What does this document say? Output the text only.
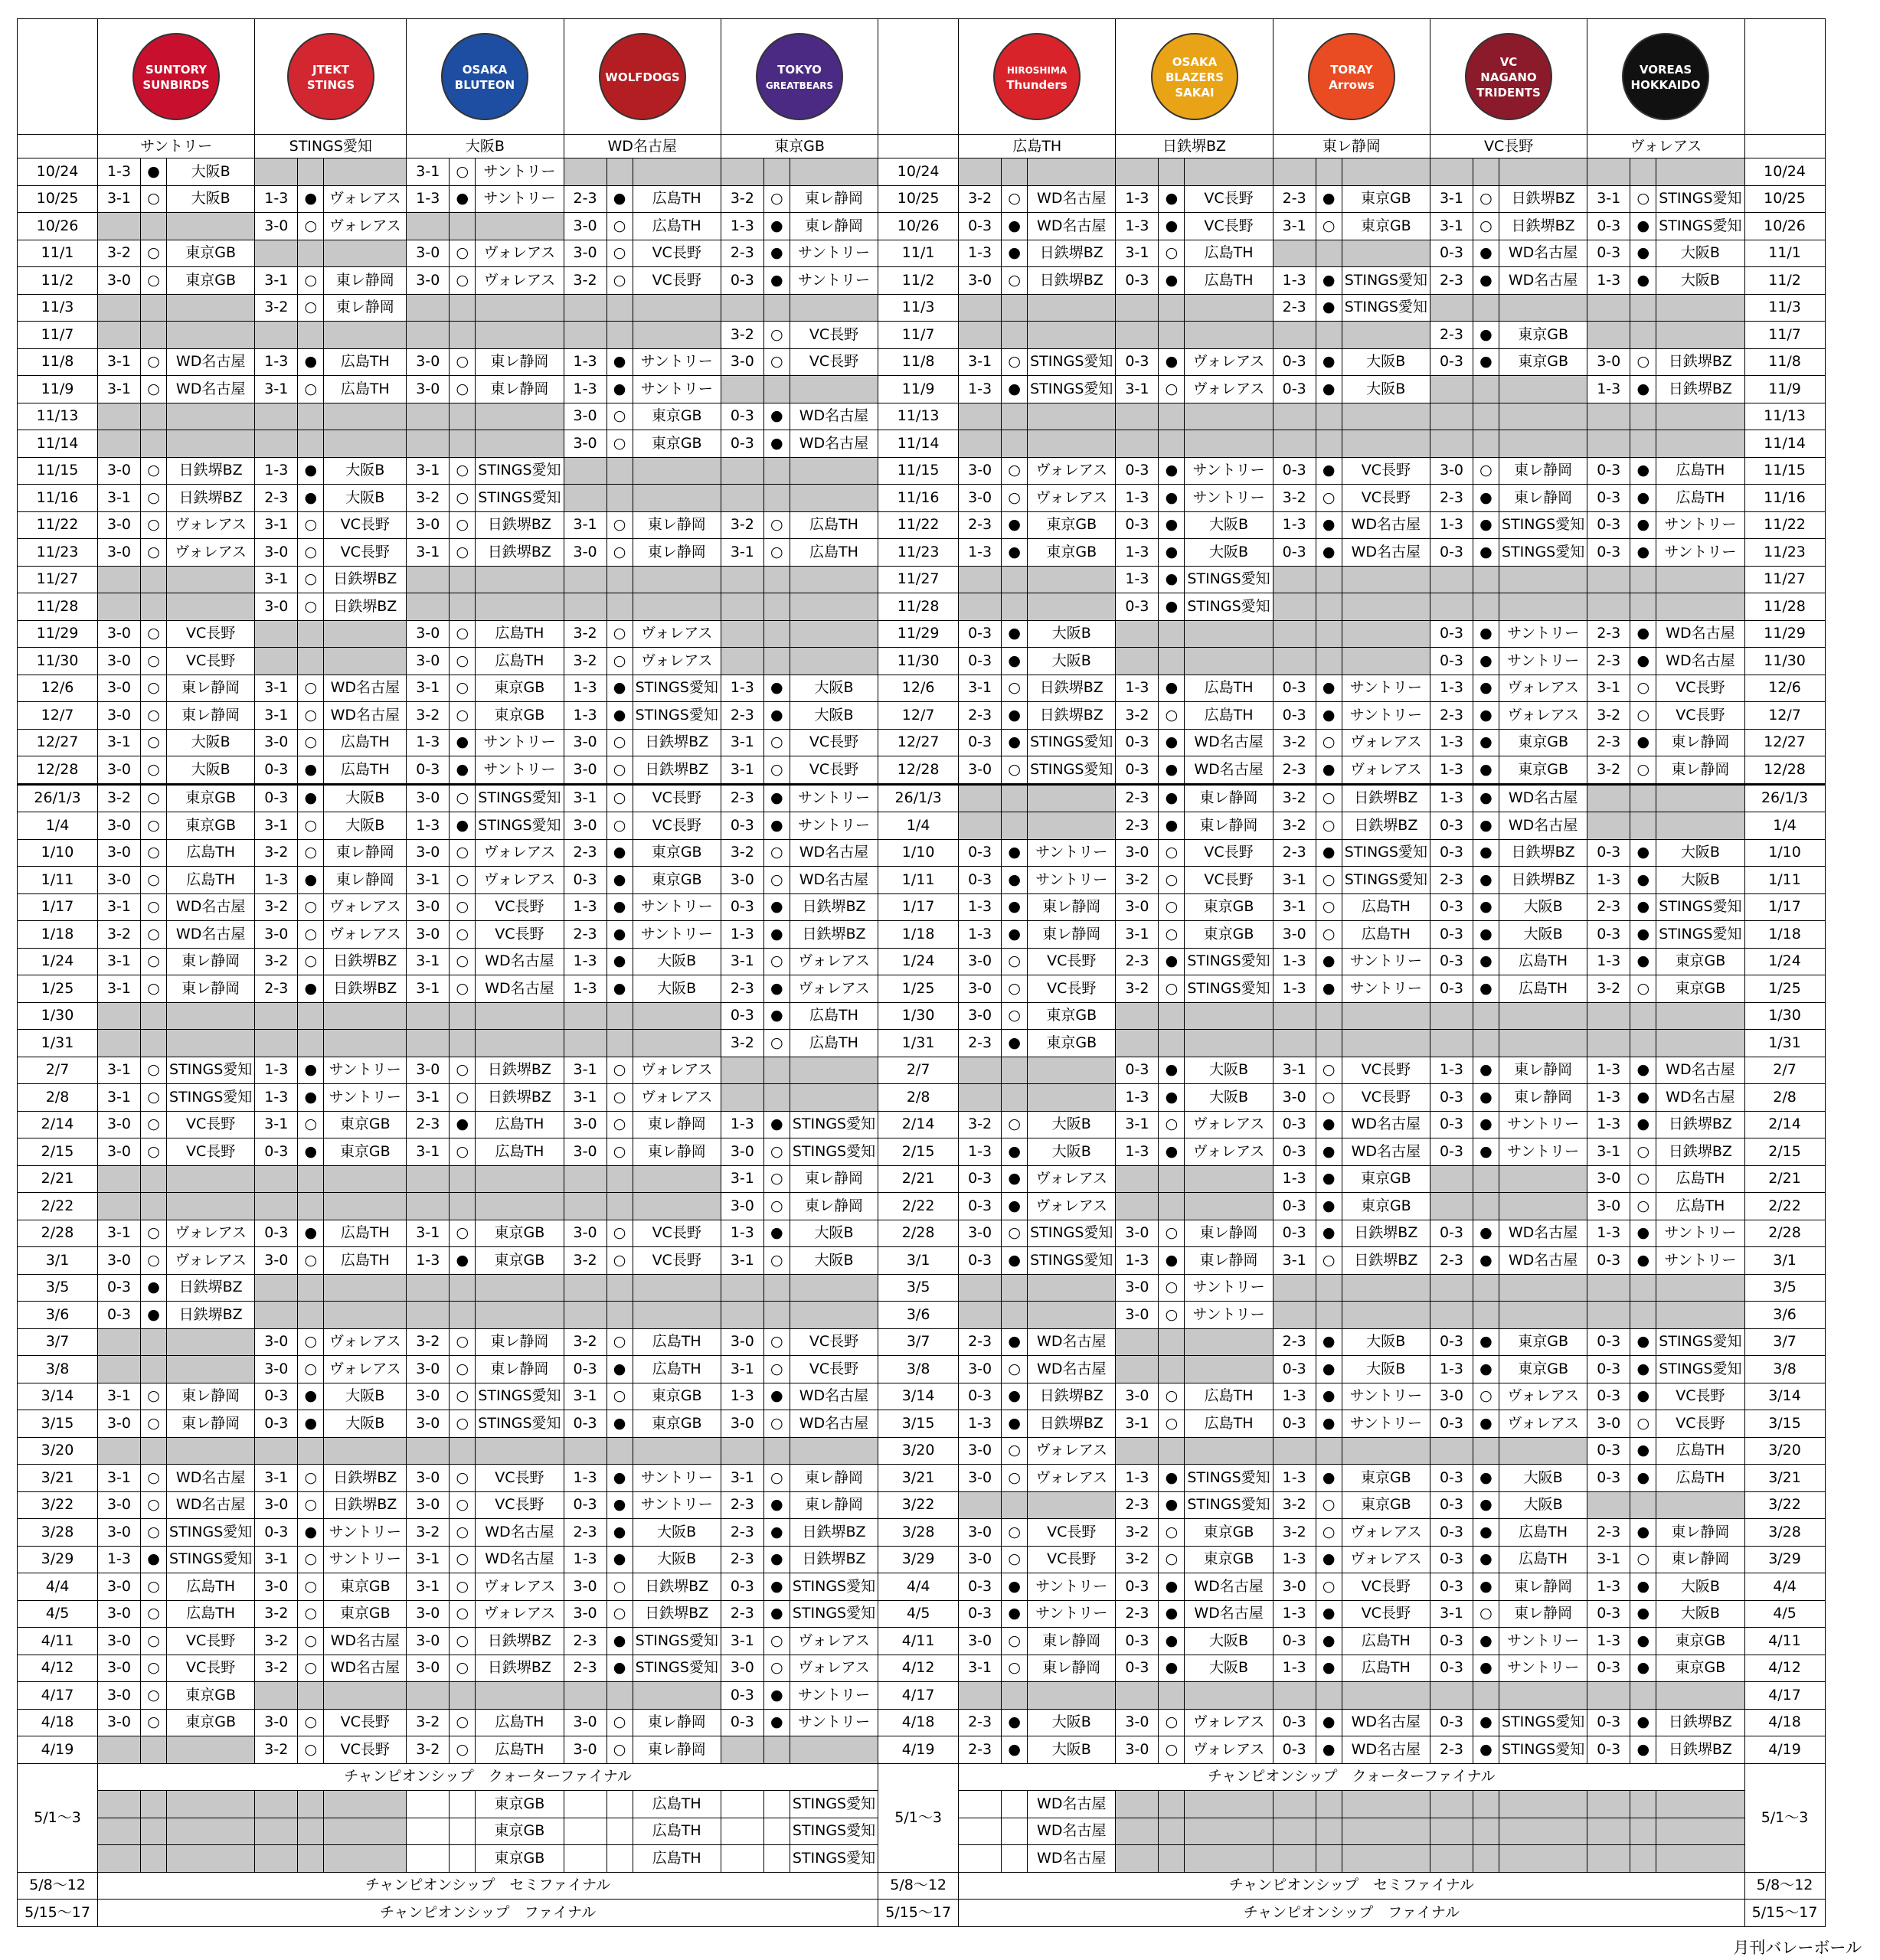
SUNTORY
SUNBIRDS			JTEKT
STINGS			OSAKA
BLUTEON			WOLFDOGS			TOKYO
GREATBEARS				HIROSHIMA
Thunders			OSAKA
BLAZERS
SAKAI			TORAY
Arrows			VC
NAGANO
TRIDENTS			VOREAS
HOKKAIDO			

	サントリー			STINGS愛知			大阪B			WD名古屋			東京GB				広島TH			日鉄堺BZ			東レ静岡			VC長野			ヴォレアス			
10/24	1-3	●	大阪B				3-1	○	サントリー							10/24																10/24
10/25	3-1	○	大阪B	1-3	●	ヴォレアス	1-3	●	サントリー	2-3	●	広島TH	3-2	○	東レ静岡	10/25	3-2	○	WD名古屋	1-3	●	VC長野	2-3	●	東京GB	3-1	○	日鉄堺BZ	3-1	○	STINGS愛知	10/25
10/26				3-0	○	ヴォレアス				3-0	○	広島TH	1-3	●	東レ静岡	10/26	0-3	●	WD名古屋	1-3	●	VC長野	3-1	○	東京GB	3-1	○	日鉄堺BZ	0-3	●	STINGS愛知	10/26
11/1	3-2	○	東京GB				3-0	○	ヴォレアス	3-0	○	VC長野	2-3	●	サントリー	11/1	1-3	●	日鉄堺BZ	3-1	○	広島TH				0-3	●	WD名古屋	0-3	●	大阪B	11/1
11/2	3-0	○	東京GB	3-1	○	東レ静岡	3-0	○	ヴォレアス	3-2	○	VC長野	0-3	●	サントリー	11/2	3-0	○	日鉄堺BZ	0-3	●	広島TH	1-3	●	STINGS愛知	2-3	●	WD名古屋	1-3	●	大阪B	11/2
11/3				3-2	○	東レ静岡										11/3							2-3	●	STINGS愛知							11/3
11/7													3-2	○	VC長野	11/7										2-3	●	東京GB				11/7
11/8	3-1	○	WD名古屋	1-3	●	広島TH	3-0	○	東レ静岡	1-3	●	サントリー	3-0	○	VC長野	11/8	3-1	○	STINGS愛知	0-3	●	ヴォレアス	0-3	●	大阪B	0-3	●	東京GB	3-0	○	日鉄堺BZ	11/8
11/9	3-1	○	WD名古屋	3-1	○	広島TH	3-0	○	東レ静岡	1-3	●	サントリー				11/9	1-3	●	STINGS愛知	3-1	○	ヴォレアス	0-3	●	大阪B				1-3	●	日鉄堺BZ	11/9
11/13										3-0	○	東京GB	0-3	●	WD名古屋	11/13																11/13
11/14										3-0	○	東京GB	0-3	●	WD名古屋	11/14																11/14
11/15	3-0	○	日鉄堺BZ	1-3	●	大阪B	3-1	○	STINGS愛知							11/15	3-0	○	ヴォレアス	0-3	●	サントリー	0-3	●	VC長野	3-0	○	東レ静岡	0-3	●	広島TH	11/15
11/16	3-1	○	日鉄堺BZ	2-3	●	大阪B	3-2	○	STINGS愛知							11/16	3-0	○	ヴォレアス	1-3	●	サントリー	3-2	○	VC長野	2-3	●	東レ静岡	0-3	●	広島TH	11/16
11/22	3-0	○	ヴォレアス	3-1	○	VC長野	3-0	○	日鉄堺BZ	3-1	○	東レ静岡	3-2	○	広島TH	11/22	2-3	●	東京GB	0-3	●	大阪B	1-3	●	WD名古屋	1-3	●	STINGS愛知	0-3	●	サントリー	11/22
11/23	3-0	○	ヴォレアス	3-0	○	VC長野	3-1	○	日鉄堺BZ	3-0	○	東レ静岡	3-1	○	広島TH	11/23	1-3	●	東京GB	1-3	●	大阪B	0-3	●	WD名古屋	0-3	●	STINGS愛知	0-3	●	サントリー	11/23
11/27				3-1	○	日鉄堺BZ										11/27				1-3	●	STINGS愛知										11/27
11/28				3-0	○	日鉄堺BZ										11/28				0-3	●	STINGS愛知										11/28
11/29	3-0	○	VC長野				3-0	○	広島TH	3-2	○	ヴォレアス				11/29	0-3	●	大阪B							0-3	●	サントリー	2-3	●	WD名古屋	11/29
11/30	3-0	○	VC長野				3-0	○	広島TH	3-2	○	ヴォレアス				11/30	0-3	●	大阪B							0-3	●	サントリー	2-3	●	WD名古屋	11/30
12/6	3-0	○	東レ静岡	3-1	○	WD名古屋	3-1	○	東京GB	1-3	●	STINGS愛知	1-3	●	大阪B	12/6	3-1	○	日鉄堺BZ	1-3	●	広島TH	0-3	●	サントリー	1-3	●	ヴォレアス	3-1	○	VC長野	12/6
12/7	3-0	○	東レ静岡	3-1	○	WD名古屋	3-2	○	東京GB	1-3	●	STINGS愛知	2-3	●	大阪B	12/7	2-3	●	日鉄堺BZ	3-2	○	広島TH	0-3	●	サントリー	2-3	●	ヴォレアス	3-2	○	VC長野	12/7
12/27	3-1	○	大阪B	3-0	○	広島TH	1-3	●	サントリー	3-0	○	日鉄堺BZ	3-1	○	VC長野	12/27	0-3	●	STINGS愛知	0-3	●	WD名古屋	3-2	○	ヴォレアス	1-3	●	東京GB	2-3	●	東レ静岡	12/27
12/28	3-0	○	大阪B	0-3	●	広島TH	0-3	●	サントリー	3-0	○	日鉄堺BZ	3-1	○	VC長野	12/28	3-0	○	STINGS愛知	0-3	●	WD名古屋	2-3	●	ヴォレアス	1-3	●	東京GB	3-2	○	東レ静岡	12/28
26/1/3	3-2	○	東京GB	0-3	●	大阪B	3-0	○	STINGS愛知	3-1	○	VC長野	2-3	●	サントリー	26/1/3				2-3	●	東レ静岡	3-2	○	日鉄堺BZ	1-3	●	WD名古屋				26/1/3
1/4	3-0	○	東京GB	3-1	○	大阪B	1-3	●	STINGS愛知	3-0	○	VC長野	0-3	●	サントリー	1/4				2-3	●	東レ静岡	3-2	○	日鉄堺BZ	0-3	●	WD名古屋				1/4
1/10	3-0	○	広島TH	3-2	○	東レ静岡	3-0	○	ヴォレアス	2-3	●	東京GB	3-2	○	WD名古屋	1/10	0-3	●	サントリー	3-0	○	VC長野	2-3	●	STINGS愛知	0-3	●	日鉄堺BZ	0-3	●	大阪B	1/10
1/11	3-0	○	広島TH	1-3	●	東レ静岡	3-1	○	ヴォレアス	0-3	●	東京GB	3-0	○	WD名古屋	1/11	0-3	●	サントリー	3-2	○	VC長野	3-1	○	STINGS愛知	2-3	●	日鉄堺BZ	1-3	●	大阪B	1/11
1/17	3-1	○	WD名古屋	3-2	○	ヴォレアス	3-0	○	VC長野	1-3	●	サントリー	0-3	●	日鉄堺BZ	1/17	1-3	●	東レ静岡	3-0	○	東京GB	3-1	○	広島TH	0-3	●	大阪B	2-3	●	STINGS愛知	1/17
1/18	3-2	○	WD名古屋	3-0	○	ヴォレアス	3-0	○	VC長野	2-3	●	サントリー	1-3	●	日鉄堺BZ	1/18	1-3	●	東レ静岡	3-1	○	東京GB	3-0	○	広島TH	0-3	●	大阪B	0-3	●	STINGS愛知	1/18
1/24	3-1	○	東レ静岡	3-2	○	日鉄堺BZ	3-1	○	WD名古屋	1-3	●	大阪B	3-1	○	ヴォレアス	1/24	3-0	○	VC長野	2-3	●	STINGS愛知	1-3	●	サントリー	0-3	●	広島TH	1-3	●	東京GB	1/24
1/25	3-1	○	東レ静岡	2-3	●	日鉄堺BZ	3-1	○	WD名古屋	1-3	●	大阪B	2-3	●	ヴォレアス	1/25	3-0	○	VC長野	3-2	○	STINGS愛知	1-3	●	サントリー	0-3	●	広島TH	3-2	○	東京GB	1/25
1/30													0-3	●	広島TH	1/30	3-0	○	東京GB													1/30
1/31													3-2	○	広島TH	1/31	2-3	●	東京GB													1/31
2/7	3-1	○	STINGS愛知	1-3	●	サントリー	3-0	○	日鉄堺BZ	3-1	○	ヴォレアス				2/7				0-3	●	大阪B	3-1	○	VC長野	1-3	●	東レ静岡	1-3	●	WD名古屋	2/7
2/8	3-1	○	STINGS愛知	1-3	●	サントリー	3-1	○	日鉄堺BZ	3-1	○	ヴォレアス				2/8				1-3	●	大阪B	3-0	○	VC長野	0-3	●	東レ静岡	1-3	●	WD名古屋	2/8
2/14	3-0	○	VC長野	3-1	○	東京GB	2-3	●	広島TH	3-0	○	東レ静岡	1-3	●	STINGS愛知	2/14	3-2	○	大阪B	3-1	○	ヴォレアス	0-3	●	WD名古屋	0-3	●	サントリー	1-3	●	日鉄堺BZ	2/14
2/15	3-0	○	VC長野	0-3	●	東京GB	3-1	○	広島TH	3-0	○	東レ静岡	3-0	○	STINGS愛知	2/15	1-3	●	大阪B	1-3	●	ヴォレアス	0-3	●	WD名古屋	0-3	●	サントリー	3-1	○	日鉄堺BZ	2/15
2/21													3-1	○	東レ静岡	2/21	0-3	●	ヴォレアス				1-3	●	東京GB				3-0	○	広島TH	2/21
2/22													3-0	○	東レ静岡	2/22	0-3	●	ヴォレアス				0-3	●	東京GB				3-0	○	広島TH	2/22
2/28	3-1	○	ヴォレアス	0-3	●	広島TH	3-1	○	東京GB	3-0	○	VC長野	1-3	●	大阪B	2/28	3-0	○	STINGS愛知	3-0	○	東レ静岡	0-3	●	日鉄堺BZ	0-3	●	WD名古屋	1-3	●	サントリー	2/28
3/1	3-0	○	ヴォレアス	3-0	○	広島TH	1-3	●	東京GB	3-2	○	VC長野	3-1	○	大阪B	3/1	0-3	●	STINGS愛知	1-3	●	東レ静岡	3-1	○	日鉄堺BZ	2-3	●	WD名古屋	0-3	●	サントリー	3/1
3/5	0-3	●	日鉄堺BZ													3/5				3-0	○	サントリー										3/5
3/6	0-3	●	日鉄堺BZ													3/6				3-0	○	サントリー										3/6
3/7				3-0	○	ヴォレアス	3-2	○	東レ静岡	3-2	○	広島TH	3-0	○	VC長野	3/7	2-3	●	WD名古屋				2-3	●	大阪B	0-3	●	東京GB	0-3	●	STINGS愛知	3/7
3/8				3-0	○	ヴォレアス	3-0	○	東レ静岡	0-3	●	広島TH	3-1	○	VC長野	3/8	3-0	○	WD名古屋				0-3	●	大阪B	1-3	●	東京GB	0-3	●	STINGS愛知	3/8
3/14	3-1	○	東レ静岡	0-3	●	大阪B	3-0	○	STINGS愛知	3-1	○	東京GB	1-3	●	WD名古屋	3/14	0-3	●	日鉄堺BZ	3-0	○	広島TH	1-3	●	サントリー	3-0	○	ヴォレアス	0-3	●	VC長野	3/14
3/15	3-0	○	東レ静岡	0-3	●	大阪B	3-0	○	STINGS愛知	0-3	●	東京GB	3-0	○	WD名古屋	3/15	1-3	●	日鉄堺BZ	3-1	○	広島TH	0-3	●	サントリー	0-3	●	ヴォレアス	3-0	○	VC長野	3/15
3/20																3/20	3-0	○	ヴォレアス										0-3	●	広島TH	3/20
3/21	3-1	○	WD名古屋	3-1	○	日鉄堺BZ	3-0	○	VC長野	1-3	●	サントリー	3-1	○	東レ静岡	3/21	3-0	○	ヴォレアス	1-3	●	STINGS愛知	1-3	●	東京GB	0-3	●	大阪B	0-3	●	広島TH	3/21
3/22	3-0	○	WD名古屋	3-0	○	日鉄堺BZ	3-0	○	VC長野	0-3	●	サントリー	2-3	●	東レ静岡	3/22				2-3	●	STINGS愛知	3-2	○	東京GB	0-3	●	大阪B				3/22
3/28	3-0	○	STINGS愛知	0-3	●	サントリー	3-2	○	WD名古屋	2-3	●	大阪B	2-3	●	日鉄堺BZ	3/28	3-0	○	VC長野	3-2	○	東京GB	3-2	○	ヴォレアス	0-3	●	広島TH	2-3	●	東レ静岡	3/28
3/29	1-3	●	STINGS愛知	3-1	○	サントリー	3-1	○	WD名古屋	1-3	●	大阪B	2-3	●	日鉄堺BZ	3/29	3-0	○	VC長野	3-2	○	東京GB	1-3	●	ヴォレアス	0-3	●	広島TH	3-1	○	東レ静岡	3/29
4/4	3-0	○	広島TH	3-0	○	東京GB	3-1	○	ヴォレアス	3-0	○	日鉄堺BZ	0-3	●	STINGS愛知	4/4	0-3	●	サントリー	0-3	●	WD名古屋	3-0	○	VC長野	0-3	●	東レ静岡	1-3	●	大阪B	4/4
4/5	3-0	○	広島TH	3-2	○	東京GB	3-0	○	ヴォレアス	3-0	○	日鉄堺BZ	2-3	●	STINGS愛知	4/5	0-3	●	サントリー	2-3	●	WD名古屋	1-3	●	VC長野	3-1	○	東レ静岡	0-3	●	大阪B	4/5
4/11	3-0	○	VC長野	3-2	○	WD名古屋	3-0	○	日鉄堺BZ	2-3	●	STINGS愛知	3-1	○	ヴォレアス	4/11	3-0	○	東レ静岡	0-3	●	大阪B	0-3	●	広島TH	0-3	●	サントリー	1-3	●	東京GB	4/11
4/12	3-0	○	VC長野	3-2	○	WD名古屋	3-0	○	日鉄堺BZ	2-3	●	STINGS愛知	3-0	○	ヴォレアス	4/12	3-1	○	東レ静岡	0-3	●	大阪B	1-3	●	広島TH	0-3	●	サントリー	0-3	●	東京GB	4/12
4/17	3-0	○	東京GB										0-3	●	サントリー	4/17																4/17
4/18	3-0	○	東京GB	3-0	○	VC長野	3-2	○	広島TH	3-0	○	東レ静岡	0-3	●	サントリー	4/18	2-3	●	大阪B	3-0	○	ヴォレアス	0-3	●	WD名古屋	0-3	●	STINGS愛知	0-3	●	日鉄堺BZ	4/18
4/19				3-2	○	VC長野	3-2	○	広島TH	3-0	○	東レ静岡				4/19	2-3	●	大阪B	3-0	○	ヴォレアス	0-3	●	WD名古屋	2-3	●	STINGS愛知	0-3	●	日鉄堺BZ	4/19
5/1〜3	チャンピオンシップ　クォーターファイナル															5/1〜3	チャンピオンシップ　クォーターファイナル															5/1〜3
									東京GB			広島TH			STINGS愛知				WD名古屋													
									東京GB			広島TH			STINGS愛知				WD名古屋													
									東京GB			広島TH			STINGS愛知				WD名古屋													
5/8〜12	チャンピオンシップ　セミファイナル															5/8〜12	チャンピオンシップ　セミファイナル															5/8〜12
5/15〜17	チャンピオンシップ　ファイナル															5/15〜17	チャンピオンシップ　ファイナル															5/15〜17
月刊バレーボール
